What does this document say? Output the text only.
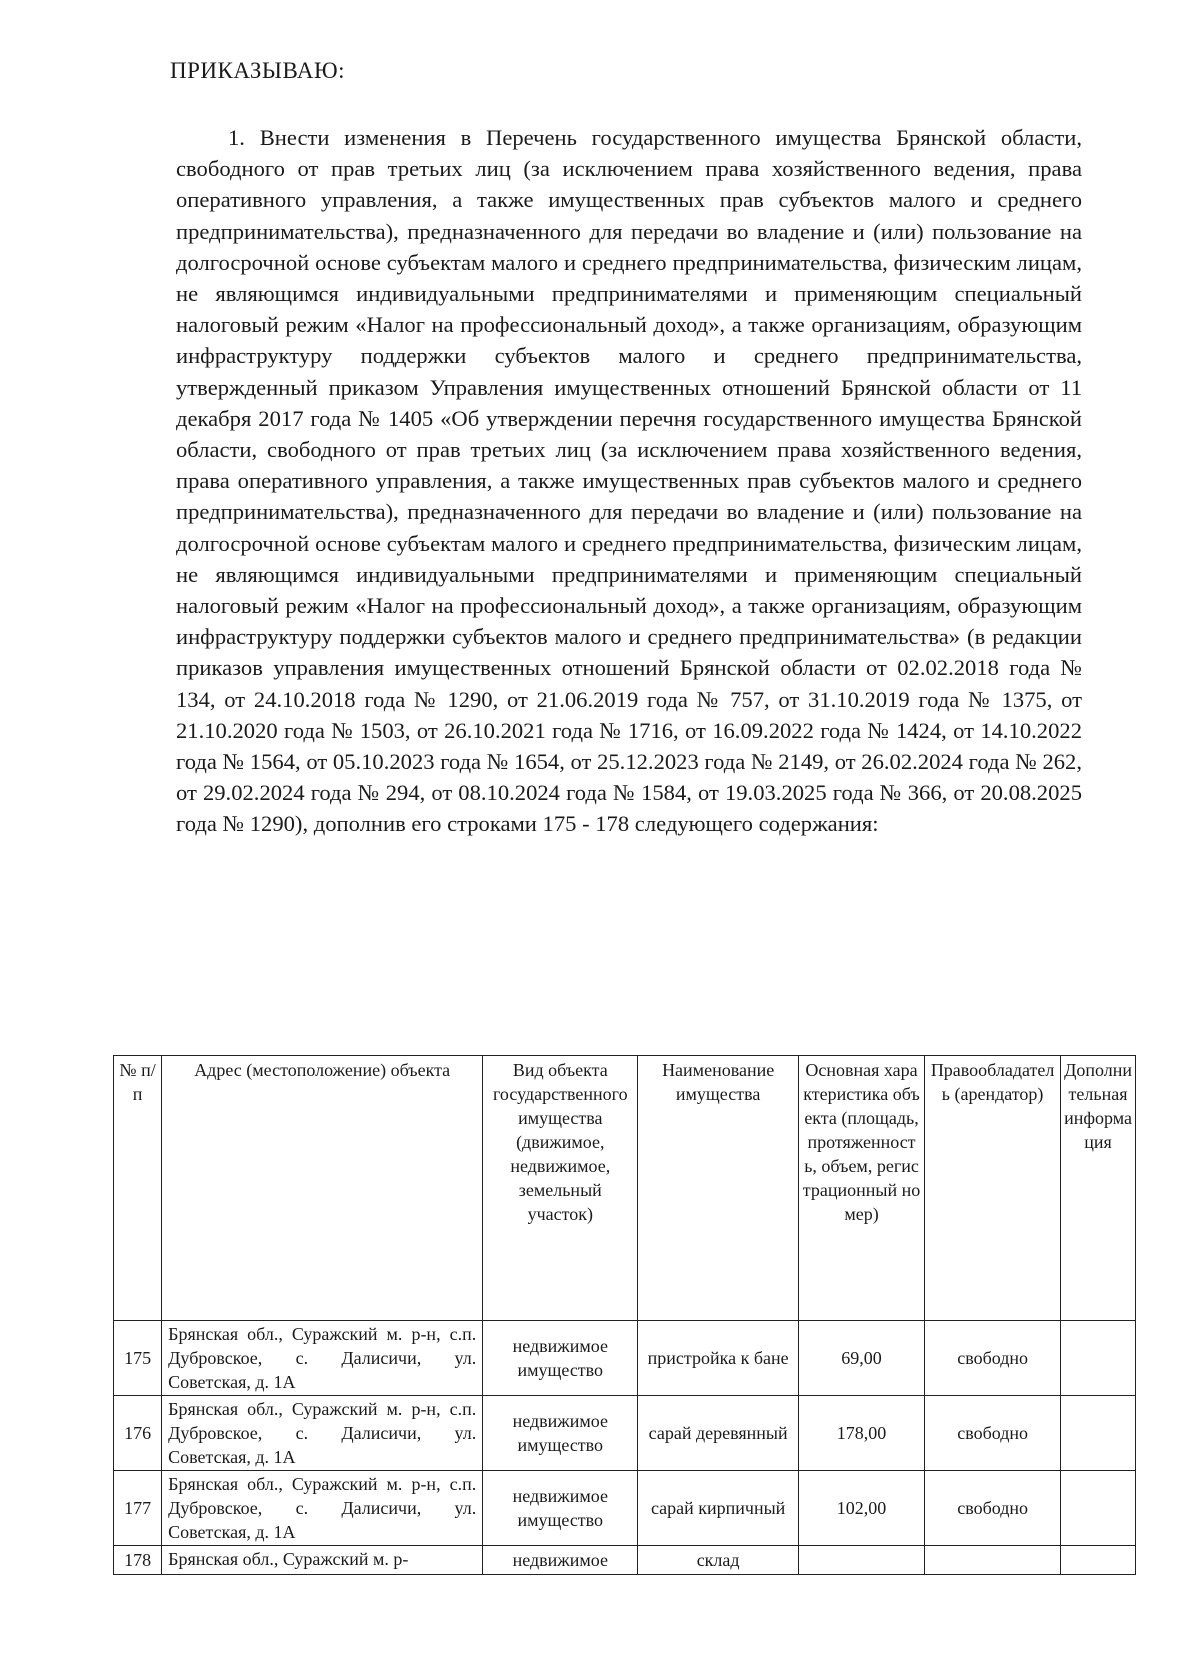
ПРИКАЗЫВАЮ:

1. Внести изменения в Перечень государственного имущества Брянской области, свободного от прав третьих лиц (за исключением права хозяйственного ведения, права оперативного управления, а также имущественных прав субъектов малого и среднего предпринимательства), предназначенного для передачи во владение и (или) пользование на долгосрочной основе субъектам малого и среднего предпринимательства, физическим лицам, не являющимся индивидуальными предпринимателями и применяющим специальный налоговый режим «Налог на профессиональный доход», а также организациям, образующим инфраструктуру поддержки субъектов малого и среднего предпринимательства, утвержденный приказом Управления имущественных отношений Брянской области от 11 декабря 2017 года № 1405 «Об утверждении перечня государственного имущества Брянской области, свободного от прав третьих лиц (за исключением права хозяйственного ведения, права оперативного управления, а также имущественных прав субъектов малого и среднего предпринимательства), предназначенного для передачи во владение и (или) пользование на долгосрочной основе субъектам малого и среднего предпринимательства, физическим лицам, не являющимся индивидуальными предпринимателями и применяющим специальный налоговый режим «Налог на профессиональный доход», а также организациям, образующим инфраструктуру поддержки субъектов малого и среднего предпринимательства» (в редакции приказов управления имущественных отношений Брянской области от 02.02.2018 года № 134, от 24.10.2018 года № 1290, от 21.06.2019 года № 757, от 31.10.2019 года № 1375, от 21.10.2020 года № 1503, от 26.10.2021 года № 1716, от 16.09.2022 года № 1424, от 14.10.2022 года № 1564, от 05.10.2023 года № 1654, от 25.12.2023 года № 2149, от 26.02.2024 года № 262, от 29.02.2024 года № 294, от 08.10.2024 года № 1584, от 19.03.2025 года № 366, от 20.08.2025 года № 1290), дополнив его строками 175 - 178 следующего содержания:

№ п/п	Адрес (местоположение) объекта	Вид объекта государственного имущества (движимое, недвижимое, земельный участок)	Наименование имущества	Основная характеристика объекта (площадь, протяженность, объем, регистрационный номер)	Правообладатель (арендатор)	Дополнительная информация
175	Брянская обл., Суражский м. р-н, с.п. Дубровское, с. Далисичи, ул. Советская, д. 1А	недвижимое имущество	пристройка к бане	69,00	свободно	
176	Брянская обл., Суражский м. р-н, с.п. Дубровское, с. Далисичи, ул. Советская, д. 1А	недвижимое имущество	сарай деревянный	178,00	свободно	
177	Брянская обл., Суражский м. р-н, с.п. Дубровское, с. Далисичи, ул. Советская, д. 1А	недвижимое имущество	сарай кирпичный	102,00	свободно	
178	Брянская обл., Суражский м. р-	недвижимое	склад			
